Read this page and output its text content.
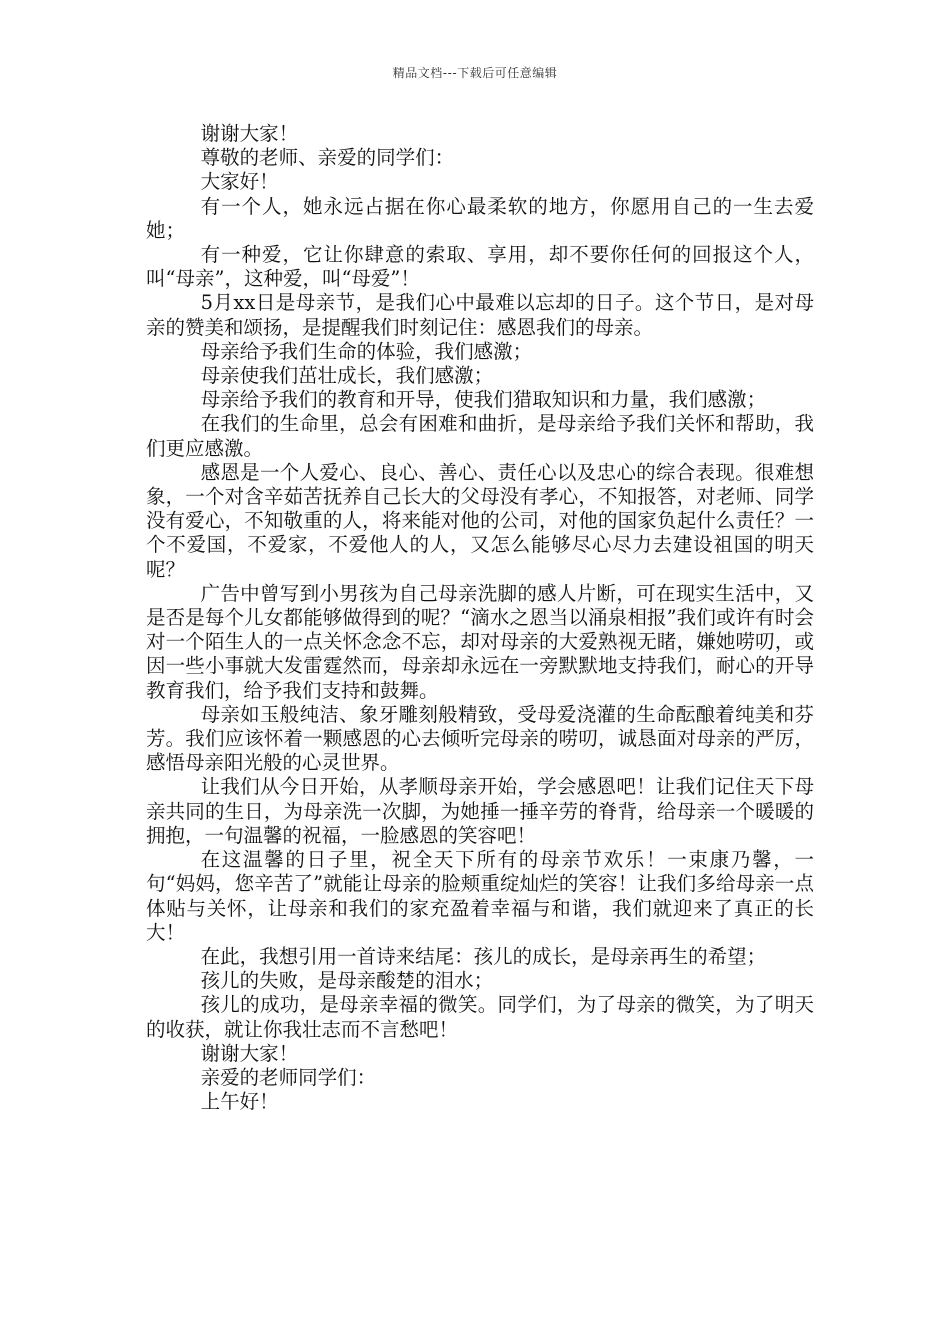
精品文档---下载后可任意编辑

谢谢大家！

尊敬的老师、亲爱的同学们：

大家好！

有一个人，她永远占据在你心最柔软的地方，你愿用自己的一生去爱她；

有一种爱，它让你肆意的索取、享用，却不要你任何的回报这个人，叫“母亲”，这种爱，叫“母爱”！

5月xx日是母亲节，是我们心中最难以忘却的日子。这个节日，是对母亲的赞美和颂扬，是提醒我们时刻记住：感恩我们的母亲。

母亲给予我们生命的体验，我们感激；

母亲使我们茁壮成长，我们感激；

母亲给予我们的教育和开导，使我们猎取知识和力量，我们感激；

在我们的生命里，总会有困难和曲折，是母亲给予我们关怀和帮助，我们更应感激。

感恩是一个人爱心、良心、善心、责任心以及忠心的综合表现。很难想象，一个对含辛茹苦抚养自己长大的父母没有孝心，不知报答，对老师、同学没有爱心，不知敬重的人，将来能对他的公司，对他的国家负起什么责任？一个不爱国，不爱家，不爱他人的人，又怎么能够尽心尽力去建设祖国的明天呢？

广告中曾写到小男孩为自己母亲洗脚的感人片断，可在现实生活中，又是否是每个儿女都能够做得到的呢？“滴水之恩当以涌泉相报”我们或许有时会对一个陌生人的一点关怀念念不忘，却对母亲的大爱熟视无睹，嫌她唠叨，或因一些小事就大发雷霆然而，母亲却永远在一旁默默地支持我们，耐心的开导教育我们，给予我们支持和鼓舞。

母亲如玉般纯洁、象牙雕刻般精致，受母爱浇灌的生命酝酿着纯美和芬芳。我们应该怀着一颗感恩的心去倾听完母亲的唠叨，诚恳面对母亲的严厉，感悟母亲阳光般的心灵世界。

让我们从今日开始，从孝顺母亲开始，学会感恩吧！让我们记住天下母亲共同的生日，为母亲洗一次脚，为她捶一捶辛劳的脊背，给母亲一个暖暖的拥抱，一句温馨的祝福，一脸感恩的笑容吧！

在这温馨的日子里，祝全天下所有的母亲节欢乐！一束康乃馨，一句“妈妈，您辛苦了”就能让母亲的脸颊重绽灿烂的笑容！让我们多给母亲一点体贴与关怀，让母亲和我们的家充盈着幸福与和谐，我们就迎来了真正的长大！

在此，我想引用一首诗来结尾：孩儿的成长，是母亲再生的希望；

孩儿的失败，是母亲酸楚的泪水；

孩儿的成功，是母亲幸福的微笑。同学们，为了母亲的微笑，为了明天的收获，就让你我壮志而不言愁吧！

谢谢大家！

亲爱的老师同学们：

上午好！
